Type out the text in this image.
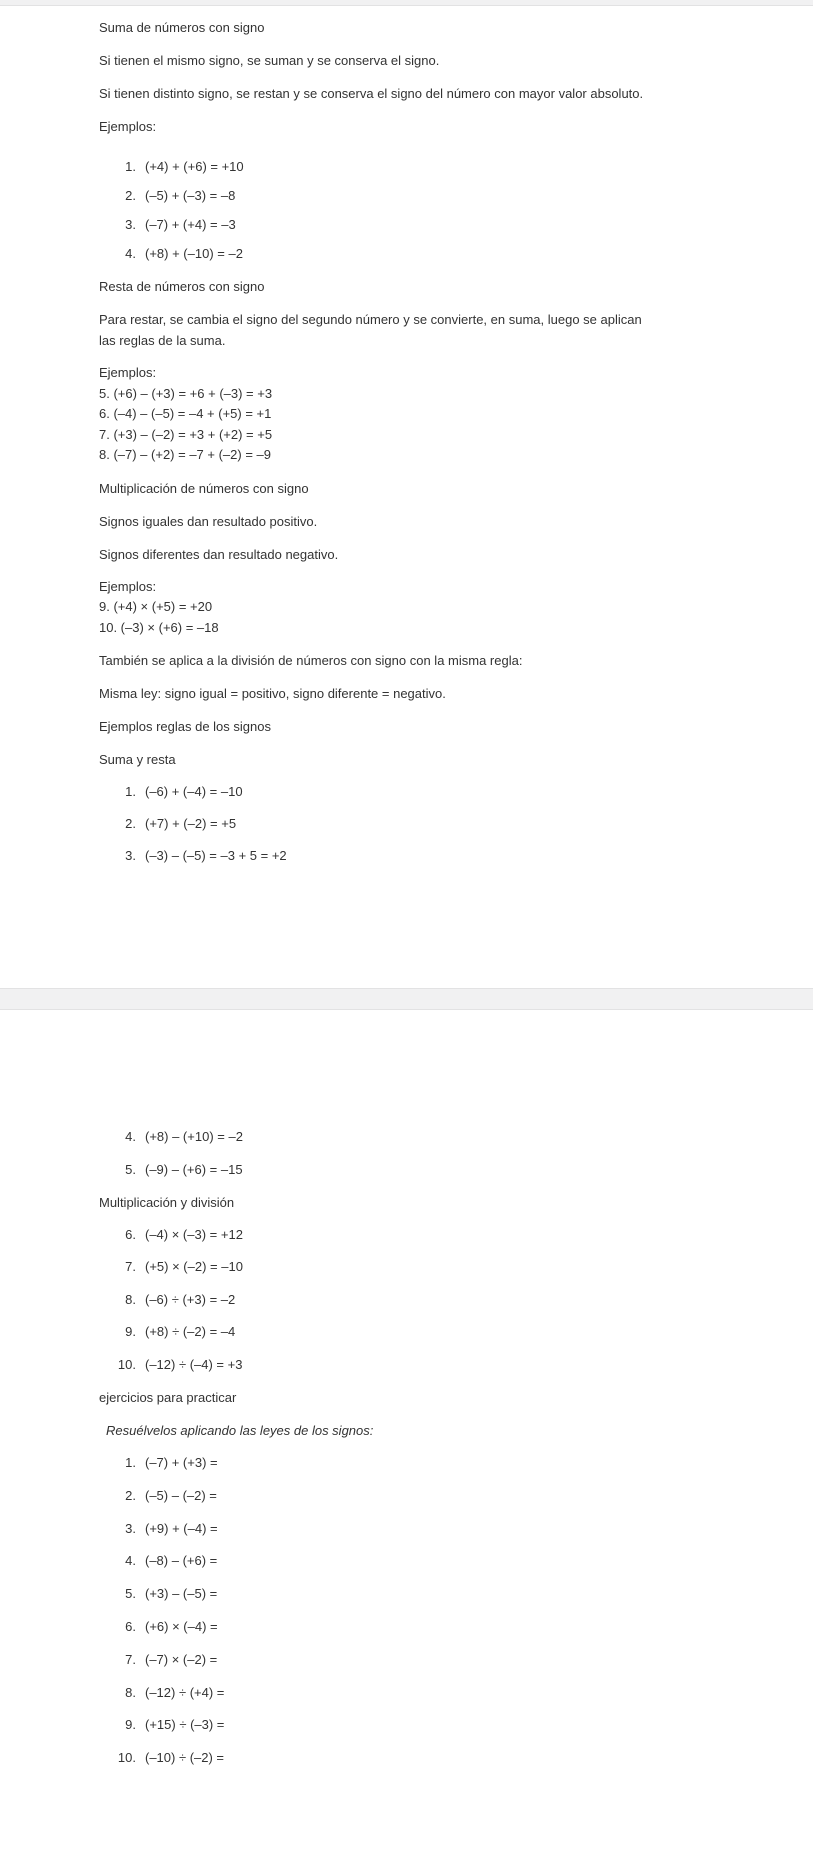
Suma de números con signo

Si tienen el mismo signo, se suman y se conserva el signo.

Si tienen distinto signo, se restan y se conserva el signo del número con mayor valor absoluto.

Ejemplos:

1. (+4) + (+6) = +10
2. (–5) + (–3) = –8
3. (–7) + (+4) = –3
4. (+8) + (–10) = –2

Resta de números con signo

Para restar, se cambia el signo del segundo número y se convierte, en suma, luego se aplican las reglas de la suma.

Ejemplos:
5. (+6) – (+3) = +6 + (–3) = +3
6. (–4) – (–5) = –4 + (+5) = +1
7. (+3) – (–2) = +3 + (+2) = +5
8. (–7) – (+2) = –7 + (–2) = –9

Multiplicación de números con signo

Signos iguales dan resultado positivo.

Signos diferentes dan resultado negativo.

Ejemplos:
9. (+4) × (+5) = +20
10. (–3) × (+6) = –18

También se aplica a la división de números con signo con la misma regla:

Misma ley: signo igual = positivo, signo diferente = negativo.

Ejemplos reglas de los signos

Suma y resta

1. (–6) + (–4) = –10
2. (+7) + (–2) = +5
3. (–3) – (–5) = –3 + 5 = +2
4. (+8) – (+10) = –2
5. (–9) – (+6) = –15

Multiplicación y división

6. (–4) × (–3) = +12
7. (+5) × (–2) = –10
8. (–6) ÷ (+3) = –2
9. (+8) ÷ (–2) = –4
10. (–12) ÷ (–4) = +3

ejercicios para practicar

Resuélvelos aplicando las leyes de los signos:

1. (–7) + (+3) =
2. (–5) – (–2) =
3. (+9) + (–4) =
4. (–8) – (+6) =
5. (+3) – (–5) =
6. (+6) × (–4) =
7. (–7) × (–2) =
8. (–12) ÷ (+4) =
9. (+15) ÷ (–3) =
10. (–10) ÷ (–2) =
